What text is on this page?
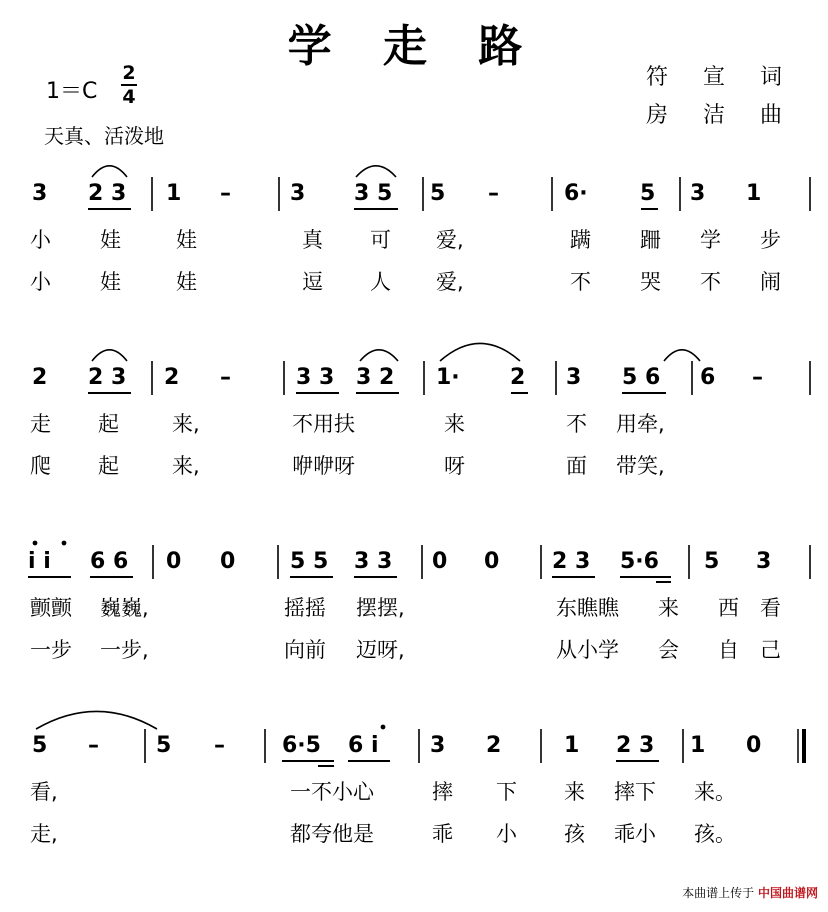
学 走 路
1＝C
2
4
天真、活泼地
符 宣 词
房 洁 曲
3 2 3 1 –	3 3 5 5 –	6· 5 3 1
小 娃	娃	真 可 爱,	蹒 跚 学 步
小 娃	娃	逗 人 爱,	不 哭 不 闹
2 2 3 2 –	3 3 3 2 1· 2 3 5 6 6 –
走 起	来,	不用扶	来	不 用牵,
爬 起	来,	咿咿呀	呀	面 带笑,
i i 6 6 0 0 5 5 3 3 0 0 2 3 5·6 5 3
颤颤 巍巍,	摇摇 摆摆,	东瞧瞧 来 西 看
一步 一步,	向前 迈呀,	从小学 会 自 己
5 –	5 –	6·5 6 i 3 2	1 2 3 1 0
看,	一不小心	摔 下 来 摔下 来。
走,	都夸他是	乖 小 孩 乖小 孩。
本曲谱上传于 中国曲谱网
